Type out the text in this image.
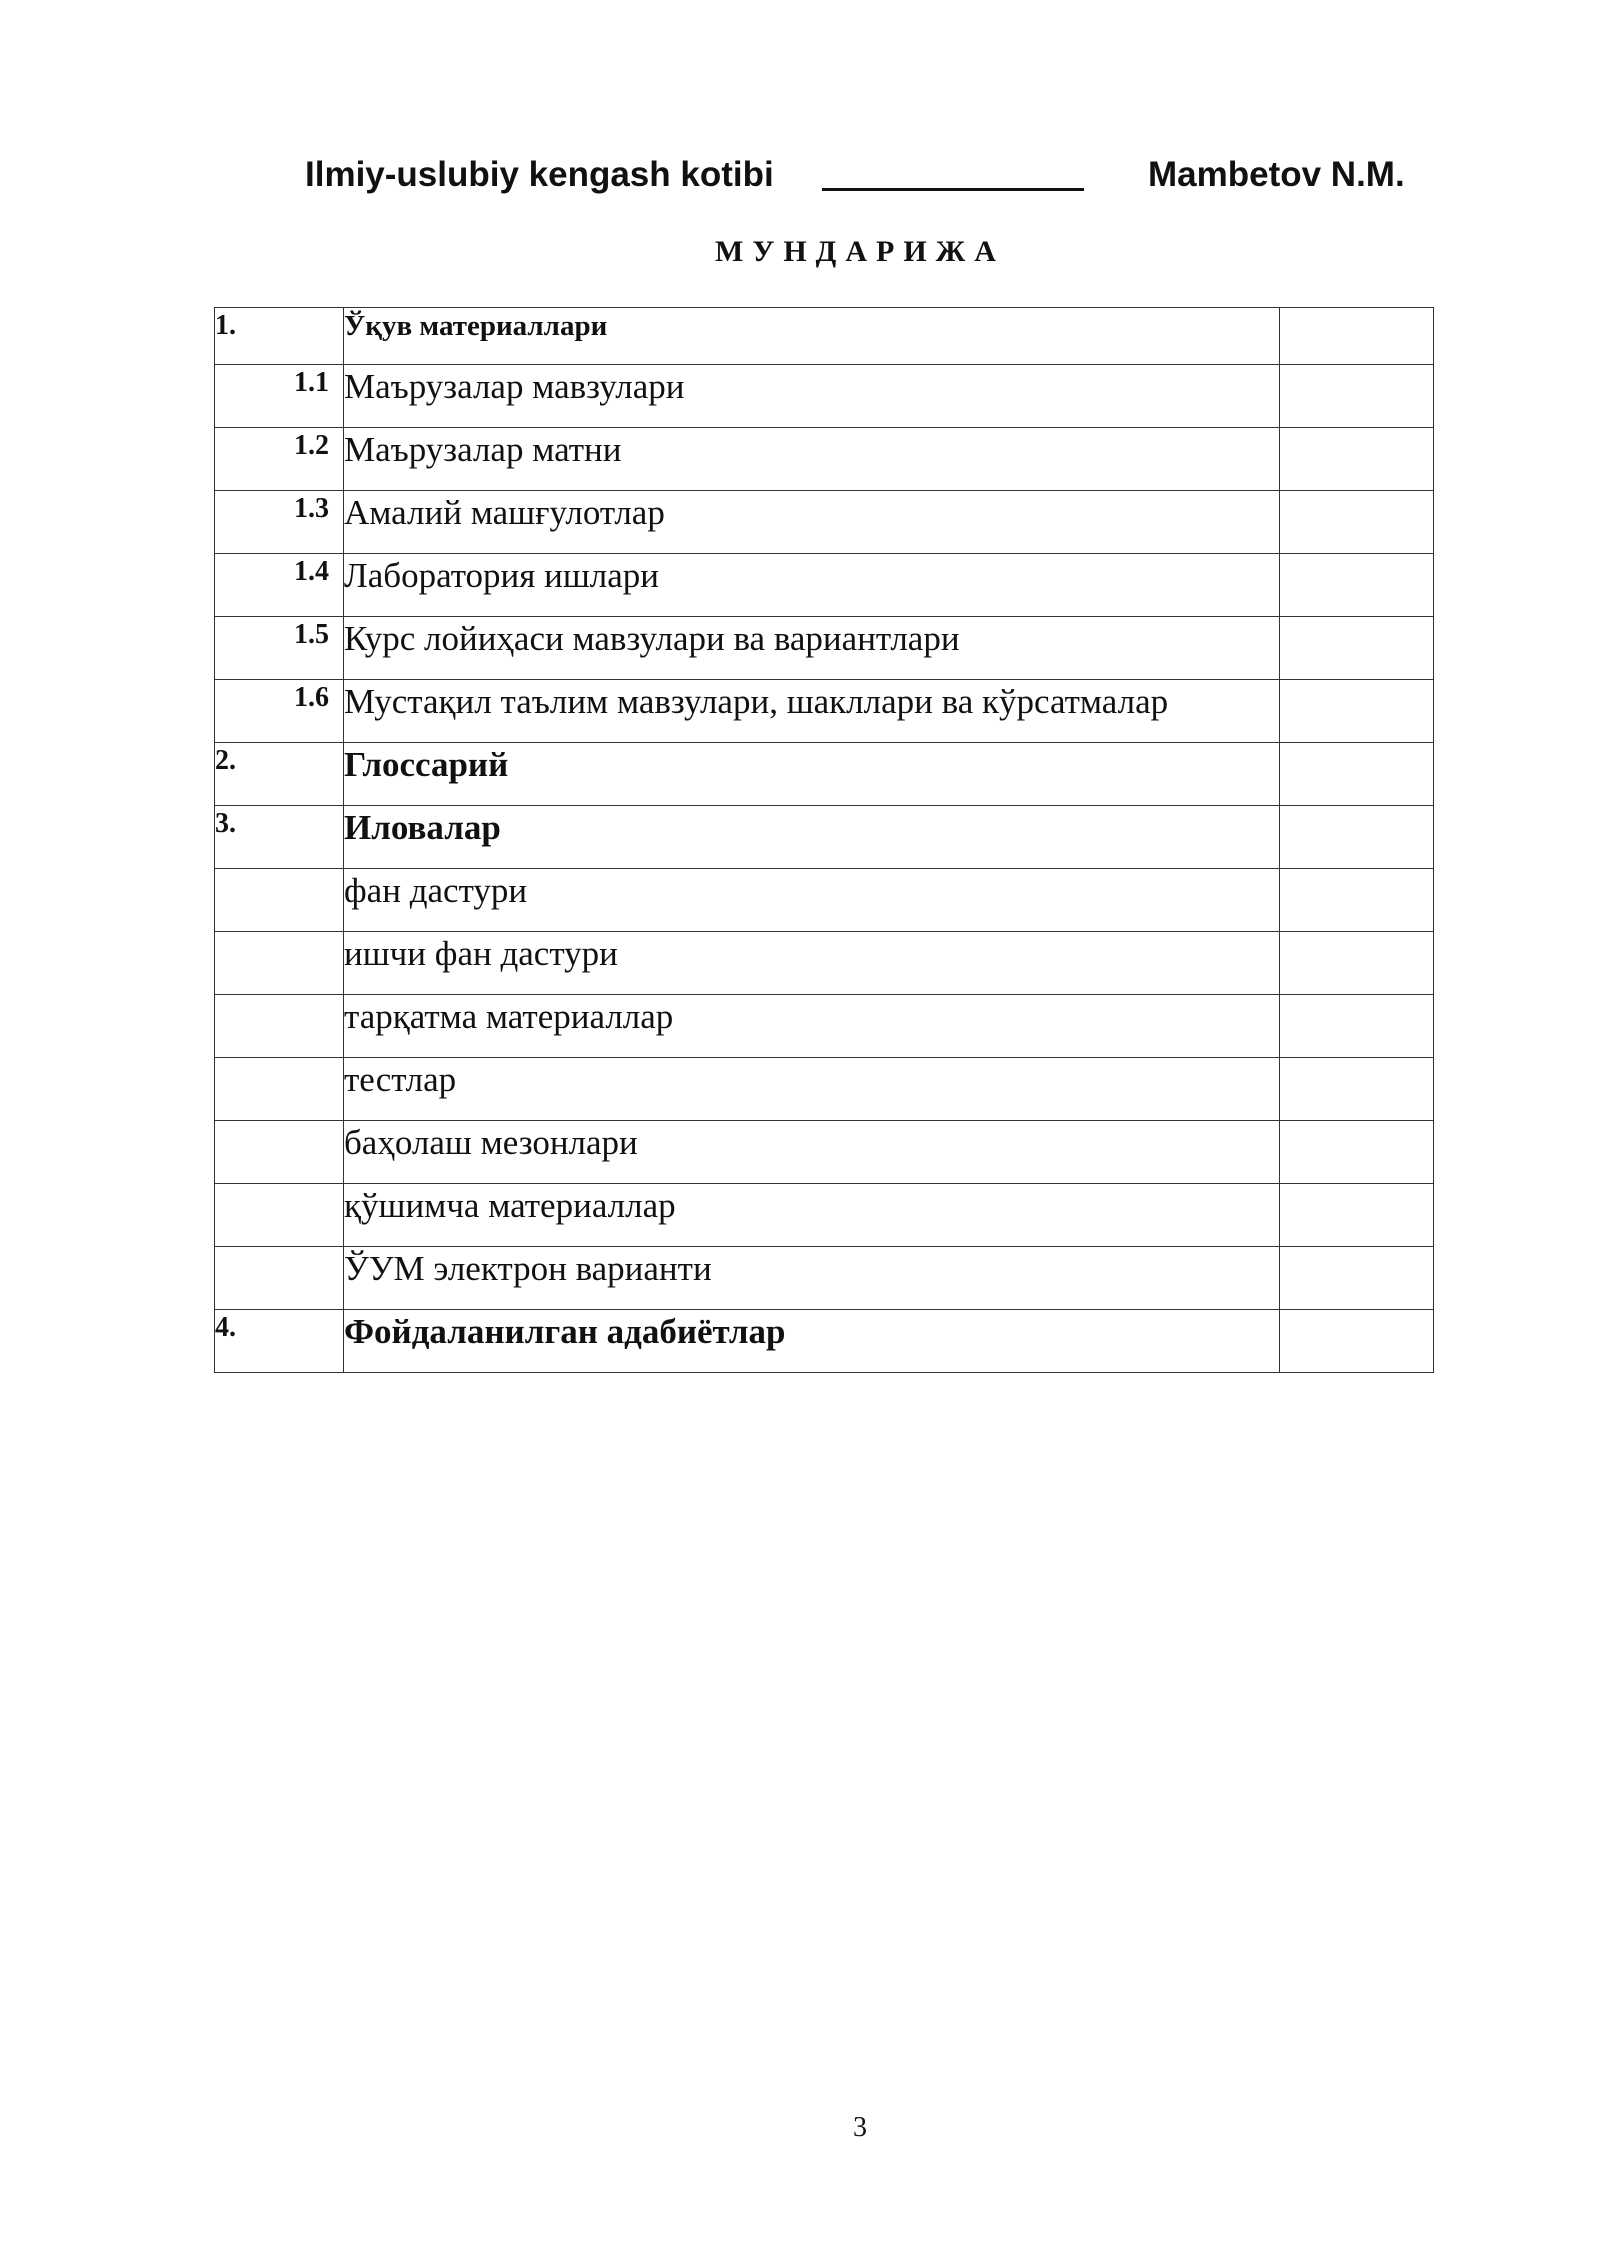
Ilmiy-uslubiy kengash kotibi	Mambetov N.M.
МУНДАРИЖА
1.	Ўқув материаллари	
1.1	Маърузалар мавзулари	
1.2	Маърузалар матни	
1.3	Амалий машғулотлар	
1.4	Лаборатория ишлари	
1.5	Курс лойиҳаси мавзулари ва вариантлари	
1.6	Мустақил таълим мавзулари, шакллари ва кўрсатмалар	
2.	Глоссарий	
3.	Иловалар	
	фан дастури	
	ишчи фан дастури	
	тарқатма материаллар	
	тестлар	
	баҳолаш мезонлари	
	қўшимча материаллар	
	ЎУМ электрон варианти	
4.	Фойдаланилган адабиётлар	
3
